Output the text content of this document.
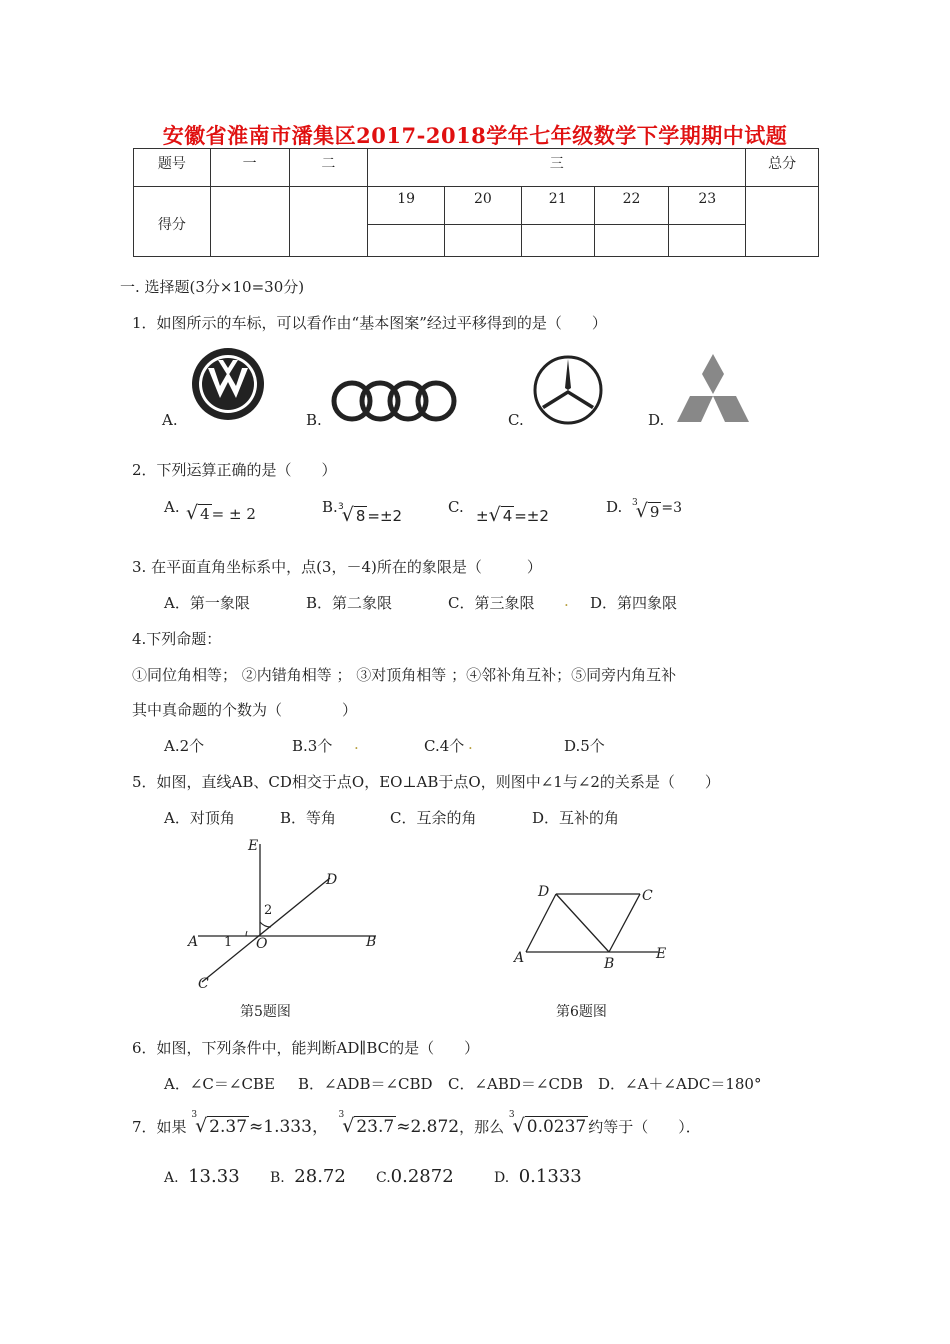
安徽省淮南市潘集区2017-2018学年七年级数学下学期期中试题
题号	一	二	三					总分
得分			19	20	21	22	23	

一. 选择题(3分×10=30分)
1．如图所示的车标，可以看作由“基本图案”经过平移得到的是（　　）
A.	B.	C.	D.
2．下列运算正确的是（　　）
A. √ 4 = ± 2	B. $^3$√ 8 =±2	C. ±√ 4 =±2	D. $^3$√ 9 =3
3. 在平面直角坐标系中，点(3，－4)所在的象限是（　　　）
A．第一象限	B．第二象限	C．第三象限 . D．第四象限
4.下列命题：
①同位角相等； ②内错角相等 ； ③对顶角相等 ；④邻补角互补；⑤同旁内角互补
其中真命题的个数为（　　　　）
A.2个	B.3个 .	C.4个 .	D.5个
5．如图，直线AB、CD相交于点O，EO⊥AB于点O，则图中∠1与∠2的关系是（　　）
A．对顶角	B．等角	C．互余的角	D．互补的角
E
D
A	O	B
C
1
2
第5题图
D	C
A	B
E
第6题图
6．如图，下列条件中，能判断AD∥BC的是（　　）
A．∠C＝∠CBE B．∠ADB＝∠CBD C．∠ABD＝∠CDB D．∠A＋∠ADC＝180°
7．如果 $^3$√ 2.37 ≈1.333，  $^3$√ 23.7 ≈2.872，那么 $^3$√ 0.0237 约等于（　　）．
A. 13.33 B. 28.72 C.0.2872	D. 0.1333
